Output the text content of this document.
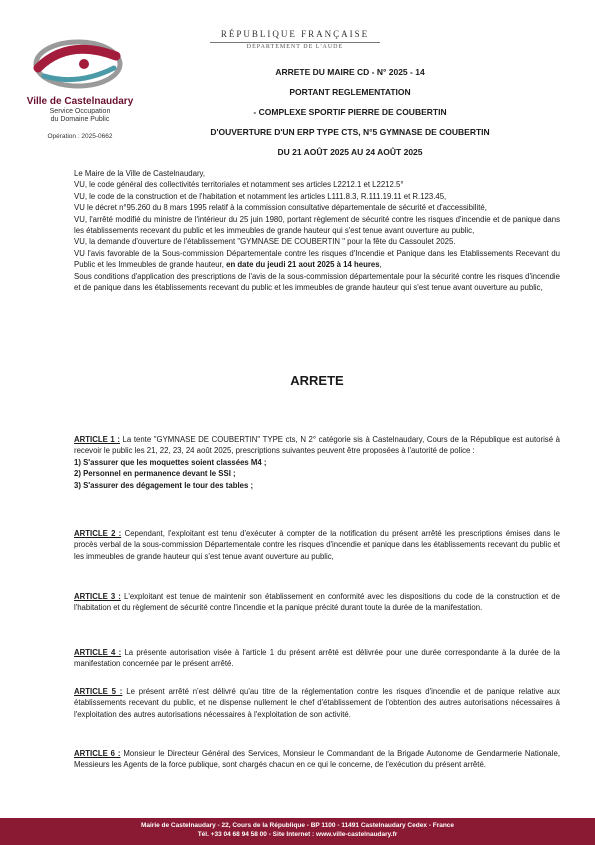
RÉPUBLIQUE FRANÇAISE
DÉPARTEMENT DE L'AUDE
Ville de Castelnaudary
Service Occupation
du Domaine Public
Opération : 2025-0662
ARRETE DU MAIRE CD - N° 2025 - 14
PORTANT REGLEMENTATION
- COMPLEXE SPORTIF PIERRE DE COUBERTIN
D'OUVERTURE D'UN ERP TYPE CTS, N°5 GYMNASE DE COUBERTIN
DU 21 AOÛT 2025 AU 24 AOÛT 2025

Le Maire de la Ville de Castelnaudary,

VU, le code général des collectivités territoriales et notamment ses articles L2212.1 et L2212.5°

VU, le code de la construction et de l'habitation et notamment les articles L111.8.3, R.111.19.11 et R.123.45,

VU le décret n°95.260 du 8 mars 1995 relatif à la commission consultative départementale de sécurité et d'accessibilité,

VU, l'arrêté modifié du ministre de l'intérieur du 25 juin 1980, portant règlement de sécurité contre les risques d'incendie et de panique dans les établissements recevant du public et les immeubles de grande hauteur qui s'est tenue avant ouverture au public,

VU, la demande d'ouverture de l'établissement "GYMNASE DE COUBERTIN " pour la fête du Cassoulet 2025.

VU l'avis favorable de la Sous-commission Départementale contre les risques d'Incendie et Panique dans les Etablissements Recevant du Public et les Immeubles de grande hauteur, en date du jeudi 21 aout 2025 à 14 heures,

Sous conditions d'application des prescriptions de l'avis de la sous-commission départementale pour la sécurité contre les risques d'incendie et de panique dans les établissements recevant du public et les immeubles de grande hauteur qui s'est tenue avant ouverture au public,

ARRETE

ARTICLE 1 : La tente "GYMNASE DE COUBERTIN" TYPE cts, N 2° catégorie sis à Castelnaudary, Cours de la République est autorisé à recevoir le public les 21, 22, 23, 24 août 2025, prescriptions suivantes peuvent être proposées à l'autorité de police :

1) S'assurer que les moquettes soient classées M4 ;

2) Personnel en permanence devant le SSI ;

3) S'assurer des dégagement le tour des tables ;

ARTICLE 2 : Cependant, l'exploitant est tenu d'exécuter à compter de la notification du présent arrêté les prescriptions émises dans le procès verbal de la sous-commission Départementale contre les risques d'incendie et panique dans les établissements recevant du public et les immeubles de grande hauteur qui s'est tenue avant ouverture au public,

ARTICLE 3 : L'exploitant est tenue de maintenir son établissement en conformité avec les dispositions du code de la construction et de l'habitation et du règlement de sécurité contre l'incendie et la panique précité durant toute la durée de la manifestation.

ARTICLE 4 : La présente autorisation visée à l'article 1 du présent arrêté est délivrée pour une durée correspondante à la durée de la manifestation concernée par le présent arrêté.

ARTICLE 5 : Le présent arrêté n'est délivré qu'au titre de la réglementation contre les risques d'incendie et de panique relative aux établissements recevant du public, et ne dispense nullement le chef d'établissement de l'obtention des autres autorisations nécessaires à l'exploitation des autres autorisations nécessaires à l'exploitation de son activité.

ARTICLE 6 : Monsieur le Directeur Général des Services, Monsieur le Commandant de la Brigade Autonome de Gendarmerie Nationale, Messieurs les Agents de la force publique, sont chargés chacun en ce qui le concerne, de l'exécution du présent arrêté.

Mairie de Castelnaudary - 22, Cours de la République - BP 1100 - 11491 Castelnaudary Cedex - France
Tél. +33 04 68 94 58 00 - Site Internet : www.ville-castelnaudary.fr
